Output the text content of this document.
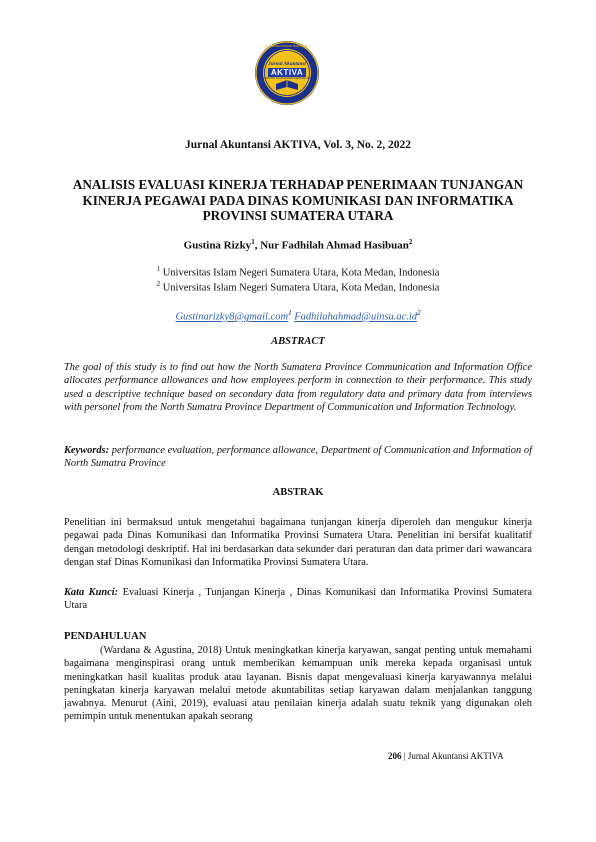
KAJIAN AKUNTANSI DAN BISNIS
Jurnal Akuntansi
AKTIVA
UNIVERSITAS ISLAM NEGERI SUMATERA UTARA
Jurnal Akuntansi AKTIVA, Vol. 3, No. 2, 2022
ANALISIS EVALUASI KINERJA TERHADAP PENERIMAAN TUNJANGAN KINERJA PEGAWAI PADA DINAS KOMUNIKASI DAN INFORMATIKA PROVINSI SUMATERA UTARA
Gustina Rizky$^1$, Nur Fadhilah Ahmad Hasibuan$^2$
$^1$ Universitas Islam Negeri Sumatera Utara, Kota Medan, Indonesia
$^2$ Universitas Islam Negeri Sumatera Utara, Kota Medan, Indonesia
Gustinarizky8@gmail.com$^1$ $Fadhilahahmad@uinsu.ac.id^2$
ABSTRACT
The goal of this study is to find out how the North Sumatera Province Communication and Information Office allocates performance allowances and how employees perform in connection to their performance. This study used a descriptive technique based on secondary data from regulatory data and primary data from interviews with personel from the North Sumatra Province Department of Communication and Information Technology.
Keywords: performance evaluation, performance allowance, Department of Communication and Information of North Sumatra Province
ABSTRAK
Penelitian ini bermaksud untuk mengetahui bagaimana tunjangan kinerja diperoleh dan mengukur kinerja pegawai pada Dinas Komunikasi dan Informatika Provinsi Sumatera Utara. Penelitian ini bersifat kualitatif dengan metodologi deskriptif. Hal ini berdasarkan data sekunder dari peraturan dan data primer dari wawancara dengan staf Dinas Komunikasi dan Informatika Provinsi Sumatera Utara.
Kata Kunci: Evaluasi Kinerja , Tunjangan Kinerja , Dinas Komunikasi dan Informatika Provinsi Sumatera Utara
PENDAHULUAN
(Wardana & Agustina, 2018) Untuk meningkatkan kinerja karyawan, sangat penting untuk memahami bagaimana menginspirasi orang untuk memberikan kemampuan unik mereka kepada organisasi untuk meningkatkan hasil kualitas produk atau layanan. Bisnis dapat mengevaluasi kinerja karyawannya melalui peningkatan kinerja karyawan melalui metode akuntabilitas setiap karyawan dalam menjalankan tanggung jawabnya. Menurut (Aini, 2019), evaluasi atau penilaian kinerja adalah suatu teknik yang digunakan oleh pemimpin untuk menentukan apakah seorang
206 | Jurnal Akuntansi AKTIVA
